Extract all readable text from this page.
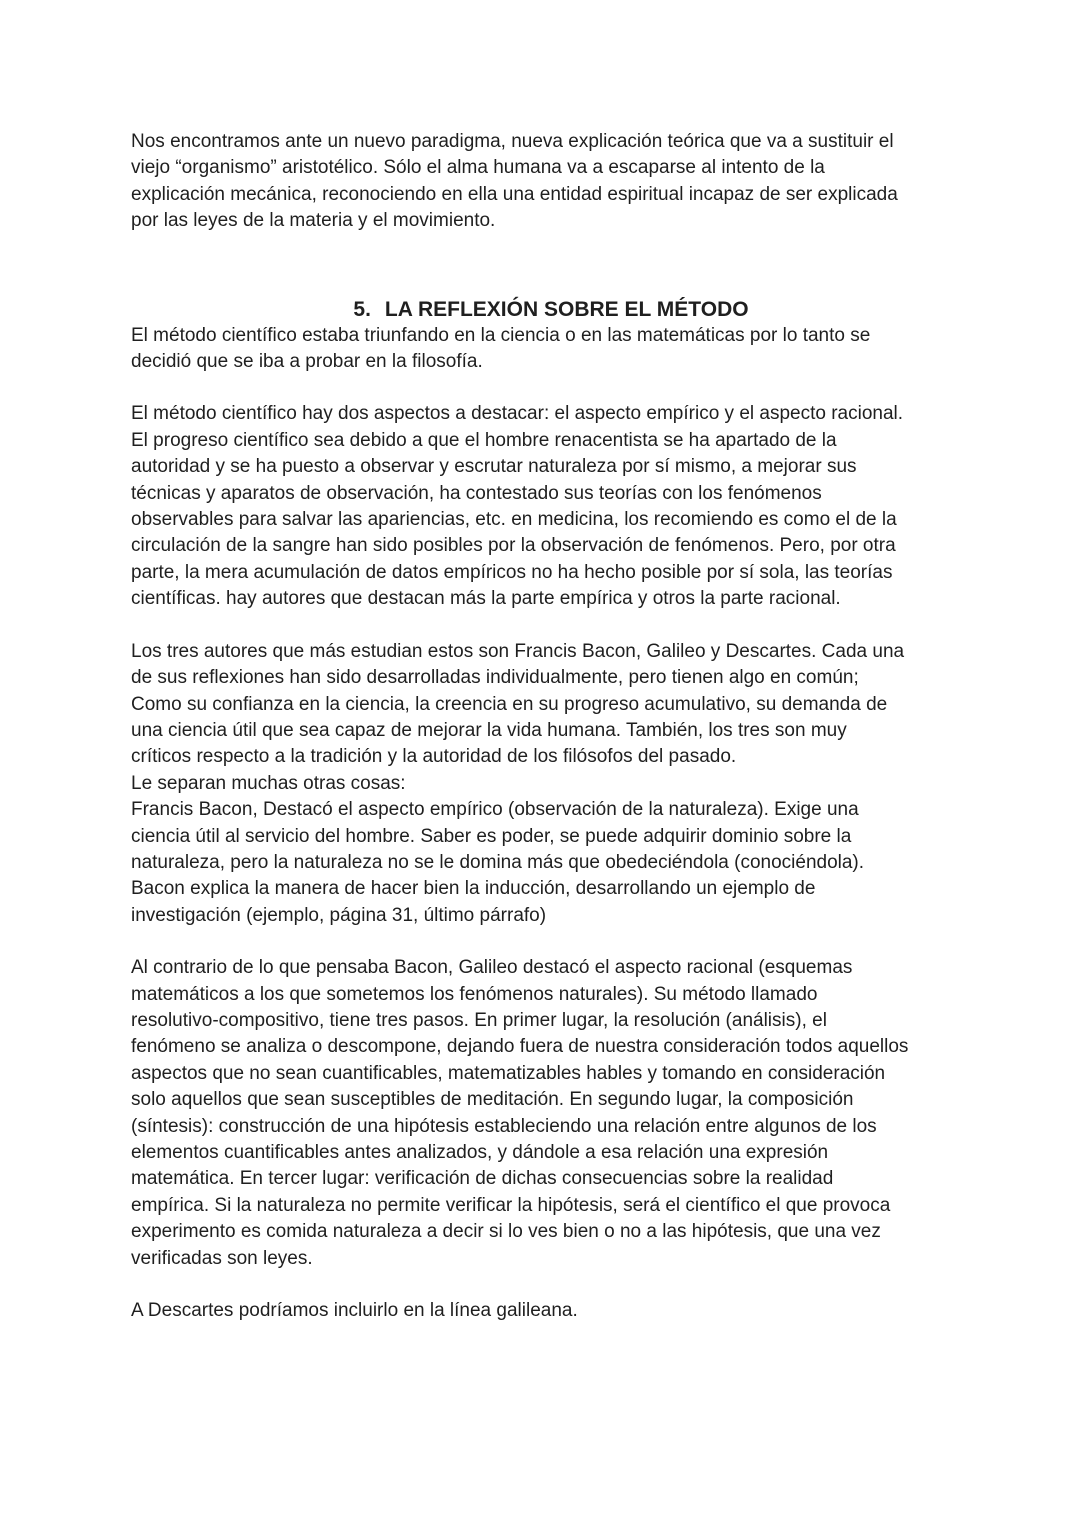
Nos encontramos ante un nuevo paradigma, nueva explicación teórica que va a sustituir el
viejo “organismo” aristotélico. Sólo el alma humana va a escaparse al intento de la
explicación mecánica, reconociendo en ella una entidad espiritual incapaz de ser explicada
por las leyes de la materia y el movimiento.

5. LA REFLEXIÓN SOBRE EL MÉTODO

El método científico estaba triunfando en la ciencia o en las matemáticas por lo tanto se
decidió que se iba a probar en la filosofía.

El método científico hay dos aspectos a destacar: el aspecto empírico y el aspecto racional.
El progreso científico sea debido a que el hombre renacentista se ha apartado de la
autoridad y se ha puesto a observar y escrutar naturaleza por sí mismo, a mejorar sus
técnicas y aparatos de observación, ha contestado sus teorías con los fenómenos
observables para salvar las apariencias, etc. en medicina, los recomiendo es como el de la
circulación de la sangre han sido posibles por la observación de fenómenos. Pero, por otra
parte, la mera acumulación de datos empíricos no ha hecho posible por sí sola, las teorías
científicas. hay autores que destacan más la parte empírica y otros la parte racional.

Los tres autores que más estudian estos son Francis Bacon, Galileo y Descartes. Cada una
de sus reflexiones han sido desarrolladas individualmente, pero tienen algo en común;
Como su confianza en la ciencia, la creencia en su progreso acumulativo, su demanda de
una ciencia útil que sea capaz de mejorar la vida humana. También, los tres son muy
críticos respecto a la tradición y la autoridad de los filósofos del pasado.
Le separan muchas otras cosas:
Francis Bacon, Destacó el aspecto empírico (observación de la naturaleza). Exige una
ciencia útil al servicio del hombre. Saber es poder, se puede adquirir dominio sobre la
naturaleza, pero la naturaleza no se le domina más que obedeciéndola (conociéndola).
Bacon explica la manera de hacer bien la inducción, desarrollando un ejemplo de
investigación (ejemplo, página 31, último párrafo)

Al contrario de lo que pensaba Bacon, Galileo destacó el aspecto racional (esquemas
matemáticos a los que sometemos los fenómenos naturales). Su método llamado
resolutivo-compositivo, tiene tres pasos. En primer lugar, la resolución (análisis), el
fenómeno se analiza o descompone, dejando fuera de nuestra consideración todos aquellos
aspectos que no sean cuantificables, matematizables hables y tomando en consideración
solo aquellos que sean susceptibles de meditación. En segundo lugar, la composición
(síntesis): construcción de una hipótesis estableciendo una relación entre algunos de los
elementos cuantificables antes analizados, y dándole a esa relación una expresión
matemática. En tercer lugar: verificación de dichas consecuencias sobre la realidad
empírica. Si la naturaleza no permite verificar la hipótesis, será el científico el que provoca
experimento es comida naturaleza a decir si lo ves bien o no a las hipótesis, que una vez
verificadas son leyes.

A Descartes podríamos incluirlo en la línea galileana.
